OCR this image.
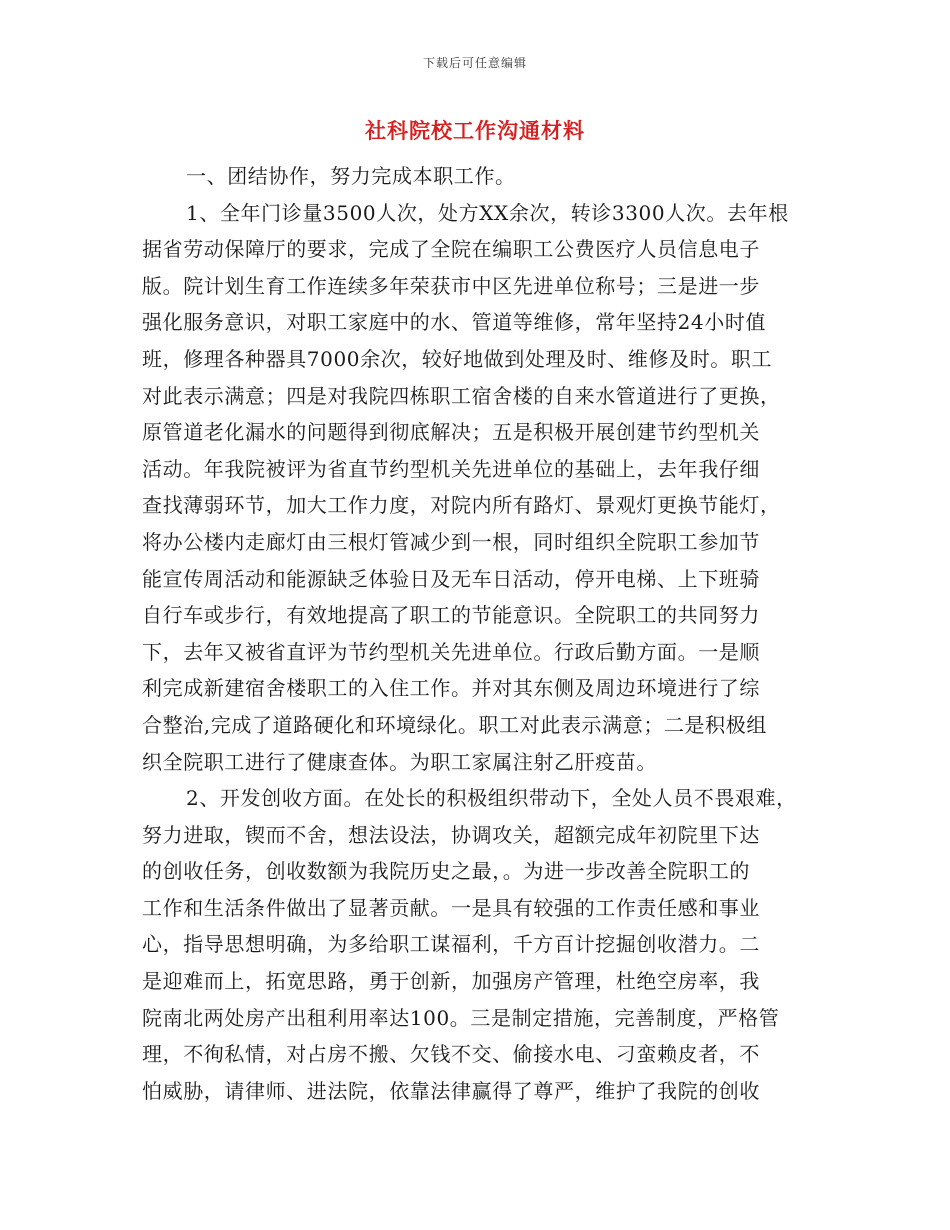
下载后可任意编辑
社科院校工作沟通材料
一、团结协作，努力完成本职工作。
1、全年门诊量3500人次，处方XX余次，转诊3300人次。去年根
据省劳动保障厅的要求，完成了全院在编职工公费医疗人员信息电子
版。院计划生育工作连续多年荣获市中区先进单位称号；三是进一步
强化服务意识，对职工家庭中的水、管道等维修，常年坚持24小时值
班，修理各种器具7000余次，较好地做到处理及时、维修及时。职工
对此表示满意；四是对我院四栋职工宿舍楼的自来水管道进行了更换，
原管道老化漏水的问题得到彻底解决；五是积极开展创建节约型机关
活动。年我院被评为省直节约型机关先进单位的基础上，去年我仔细
查找薄弱环节，加大工作力度，对院内所有路灯、景观灯更换节能灯，
将办公楼内走廊灯由三根灯管减少到一根，同时组织全院职工参加节
能宣传周活动和能源缺乏体验日及无车日活动，停开电梯、上下班骑
自行车或步行，有效地提高了职工的节能意识。全院职工的共同努力
下，去年又被省直评为节约型机关先进单位。行政后勤方面。一是顺
利完成新建宿舍楼职工的入住工作。并对其东侧及周边环境进行了综
合整治,完成了道路硬化和环境绿化。职工对此表示满意；二是积极组
织全院职工进行了健康查体。为职工家属注射乙肝疫苗。
2、开发创收方面。在处长的积极组织带动下，全处人员不畏艰难，
努力进取，锲而不舍，想法设法，协调攻关，超额完成年初院里下达
的创收任务，创收数额为我院历史之最，。为进一步改善全院职工的
工作和生活条件做出了显著贡献。一是具有较强的工作责任感和事业
心，指导思想明确，为多给职工谋福利，千方百计挖掘创收潜力。二
是迎难而上，拓宽思路，勇于创新，加强房产管理，杜绝空房率，我
院南北两处房产出租利用率达100。三是制定措施，完善制度，严格管
理，不徇私情，对占房不搬、欠钱不交、偷接水电、刁蛮赖皮者，不
怕威胁，请律师、进法院，依靠法律赢得了尊严，维护了我院的创收
